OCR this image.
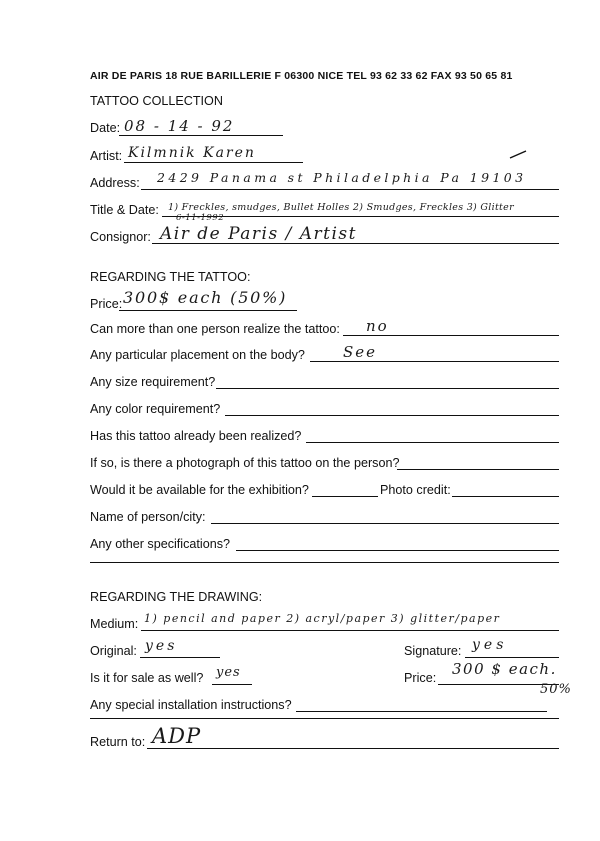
AIR DE PARIS 18 RUE BARILLERIE F 06300 NICE TEL 93 62 33 62 FAX 93 50 65 81
TATTOO COLLECTION
Date: 08 - 14 - 92
Artist: Kilmnik Karen
Address: 2429 Panama st Philadelphia Pa 19103
Title & Date: 1) Freckles, smudges, Bullet Holles 2) Smudges, Freckles 3) Glitter
6-11-1992
Consignor: Air de Paris / Artist
REGARDING THE TATTOO:
Price: 300$ each (50%)
Can more than one person realize the tattoo: no
Any particular placement on the body?	See
Any size requirement?
Any color requirement?
Has this tattoo already been realized?
If so, is there a photograph of this tattoo on the person?
Would it be available for the exhibition?	Photo credit:
Name of person/city:
Any other specifications?
REGARDING THE DRAWING:
Medium: 1) pencil and paper 2) acryl/paper 3) glitter/paper
Original: yes	Signature: yes
Is it for sale as well? yes	Price: 300 $ each.
50%
Any special installation instructions?
Return to: ADP
